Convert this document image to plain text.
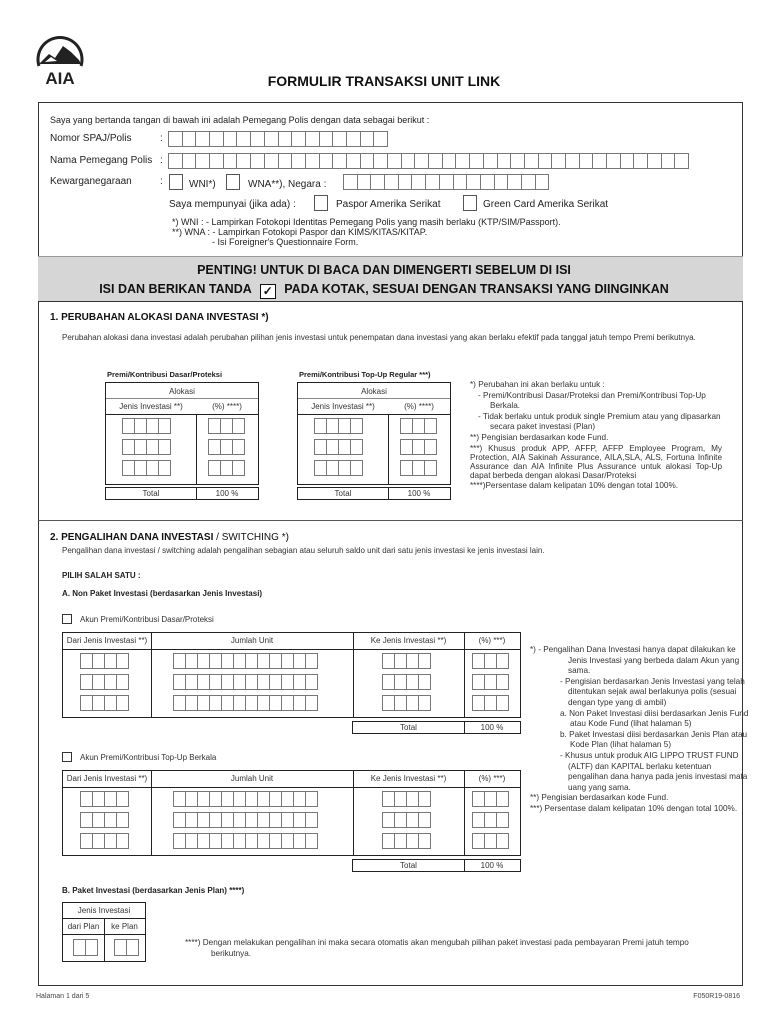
AIA	FORMULIR TRANSAKSI UNIT LINK
Saya yang bertanda tangan di bawah ini adalah Pemegang Polis dengan data sebagai berikut :
Nomor SPAJ/Polis	:
Nama Pemegang Polis :
Kewarganegaraan	:	WNI*)	WNA**), Negara :
Saya mempunyai (jika ada) :	Paspor Amerika Serikat	Green Card Amerika Serikat
*) WNI : - Lampirkan Fotokopi Identitas Pemegang Polis yang masih berlaku (KTP/SIM/Passport).
**) WNA : - Lampirkan Fotokopi Paspor dan KIMS/KITAS/KITAP.
- Isi Foreigner's Questionnaire Form.
PENTING! UNTUK DI BACA DAN DIMENGERTI SEBELUM DI ISI
ISI DAN BERIKAN TANDA ✓ PADA KOTAK, SESUAI DENGAN TRANSAKSI YANG DIINGINKAN
1. PERUBAHAN ALOKASI DANA INVESTASI *)
Perubahan alokasi dana investasi adalah perubahan pilihan jenis investasi untuk penempatan dana investasi yang akan berlaku efektif pada tanggal jatuh tempo Premi berikutnya.
Premi/Kontribusi Dasar/Proteksi
Alokasi
Jenis Investasi **)	(%) ****)
Total	100 %
Premi/Kontribusi Top-Up Regular ***)
Alokasi
Jenis Investasi **)	(%) ****)
Total	100 %
*) Perubahan ini akan berlaku untuk :
- Premi/Kontribusi Dasar/Proteksi dan Premi/Kontribusi Top-Up Berkala.
- Tidak berlaku untuk produk single Premium atau yang dipasarkan secara paket investasi (Plan)
**) Pengisian berdasarkan kode Fund.
***) Khusus produk APP, AFFP, AFFP Employee Program, My Protection, AIA Sakinah Assurance, AILA,SLA, ALS, Fortuna Infinite Assurance dan AIA Infinite Plus Assurance untuk alokasi Top-Up dapat berbeda dengan alokasi Dasar/Proteksi
****)Persentase dalam kelipatan 10% dengan total 100%.
2. PENGALIHAN DANA INVESTASI / SWITCHING *)
Pengalihan dana investasi / switching adalah pengalihan sebagian atau seluruh saldo unit dari satu jenis investasi ke jenis investasi lain.
PILIH SALAH SATU :
A. Non Paket Investasi (berdasarkan Jenis Investasi)
Akun Premi/Kontribusi Dasar/Proteksi
Dari Jenis Investasi **)	Jumlah Unit	Ke Jenis Investasi **)	(%) ***)
Total	100 %
Akun Premi/Kontribusi Top-Up Berkala
Dari Jenis Investasi **)	Jumlah Unit	Ke Jenis Investasi **)	(%) ***)
Total	100 %
*) - Pengalihan Dana Investasi hanya dapat dilakukan ke Jenis Investasi yang berbeda dalam Akun yang sama.
- Pengisian berdasarkan Jenis Investasi yang telah ditentukan sejak awal berlakunya polis (sesuai dengan type yang di ambil)
a. Non Paket Investasi diisi berdasarkan Jenis Fund atau Kode Fund (lihat halaman 5)
b. Paket Investasi diisi berdasarkan Jenis Plan atau Kode Plan (lihat halaman 5)
- Khusus untuk produk AIG LIPPO TRUST FUND (ALTF) dan KAPITAL berlaku ketentuan pengalihan dana hanya pada jenis investasi mata uang yang sama.
**) Pengisian berdasarkan kode Fund.
***) Persentase dalam kelipatan 10% dengan total 100%.
B. Paket Investasi (berdasarkan Jenis Plan) ****)
Jenis Investasi
dari Plan	ke Plan
****) Dengan melakukan pengalihan ini maka secara otomatis akan mengubah pilihan paket investasi pada pembayaran Premi jatuh tempo berikutnya.
Halaman 1 dari 5	F050R19-0816
